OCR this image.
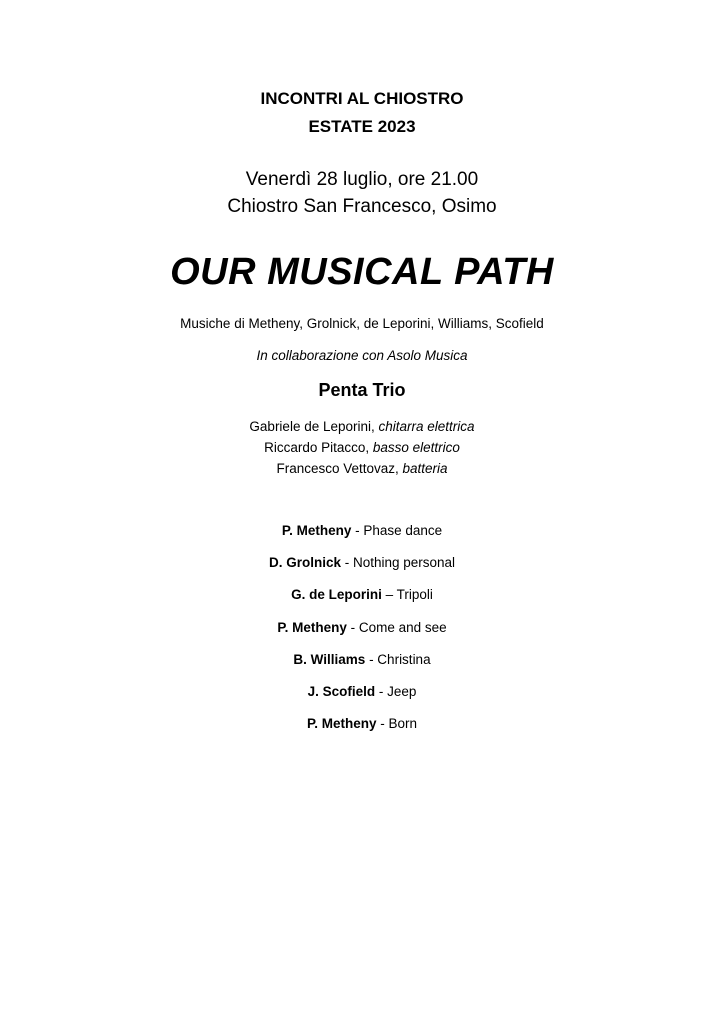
INCONTRI AL CHIOSTRO
ESTATE 2023
Venerdì 28 luglio, ore 21.00
Chiostro San Francesco, Osimo
OUR MUSICAL PATH
Musiche di Metheny, Grolnick, de Leporini, Williams, Scofield
In collaborazione con Asolo Musica
Penta Trio
Gabriele de Leporini, chitarra elettrica
Riccardo Pitacco, basso elettrico
Francesco Vettovaz, batteria
P. Metheny - Phase dance
D. Grolnick - Nothing personal
G. de Leporini – Tripoli
P. Metheny - Come and see
B. Williams - Christina
J. Scofield - Jeep
P. Metheny - Born
